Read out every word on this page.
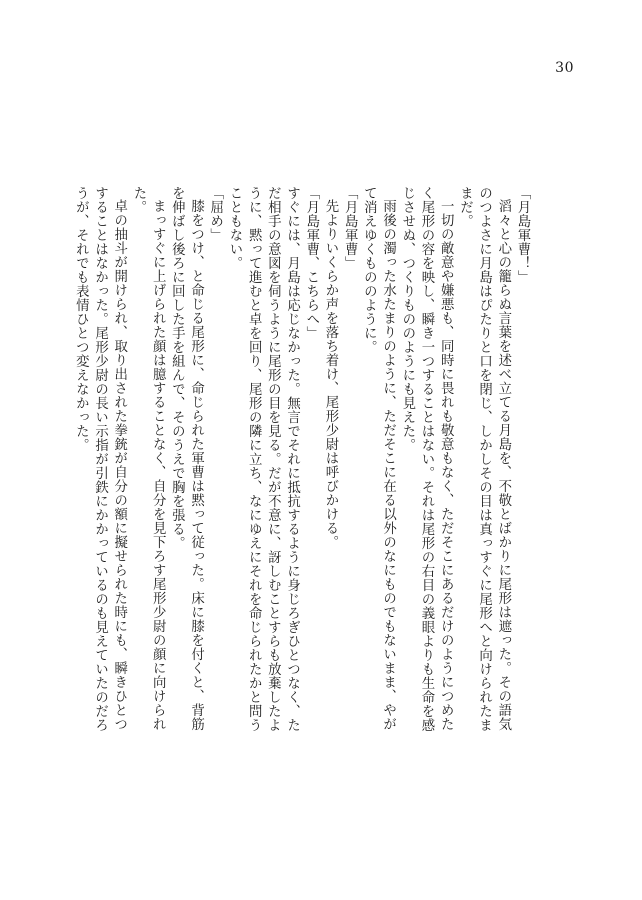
30

「月島軍曹！」

滔々と心の籠らぬ言葉を述べ立てる月島を、不敬とばかりに尾形は遮った。その語気のつよさに月島はぴたりと口を閉じ、しかしその目は真っすぐに尾形へと向けられたままだ。

一切の敵意や嫌悪も、同時に畏れも敬意もなく、ただそこにあるだけのようにつめたく尾形の容を映し、瞬き一つすることはない。それは尾形の右目の義眼よりも生命を感じさせぬ、つくりもののようにも見えた。

雨後の濁った水たまりのように、ただそこに在る以外のなにものでもないまま、やがて消えゆくもののように。

「月島軍曹」

先よりいくらか声を落ち着け、尾形少尉は呼びかける。

「月島軍曹、こちらへ」

すぐには、月島は応じなかった。無言でそれに抵抗するように身じろぎひとつなく、ただ相手の意図を伺うように尾形の目を見る。だが不意に、訝しむことすらも放棄したように、黙って進むと卓を回り、尾形の隣に立ち、なにゆえにそれを命じられたかと問うこともない。

「屈め」

膝をつけ、と命じる尾形に、命じられた軍曹は黙って従った。床に膝を付くと、背筋を伸ばし後ろに回した手を組んで、そのうえで胸を張る。

まっすぐに上げられた顔は臆することなく、自分を見下ろす尾形少尉の顔に向けられた。

卓の抽斗が開けられ、取り出された拳銃が自分の額に擬せられた時にも、瞬きひとつすることはなかった。尾形少尉の長い示指が引鉄にかかっているのも見えていたのだろうが、それでも表情ひとつ変えなかった。
